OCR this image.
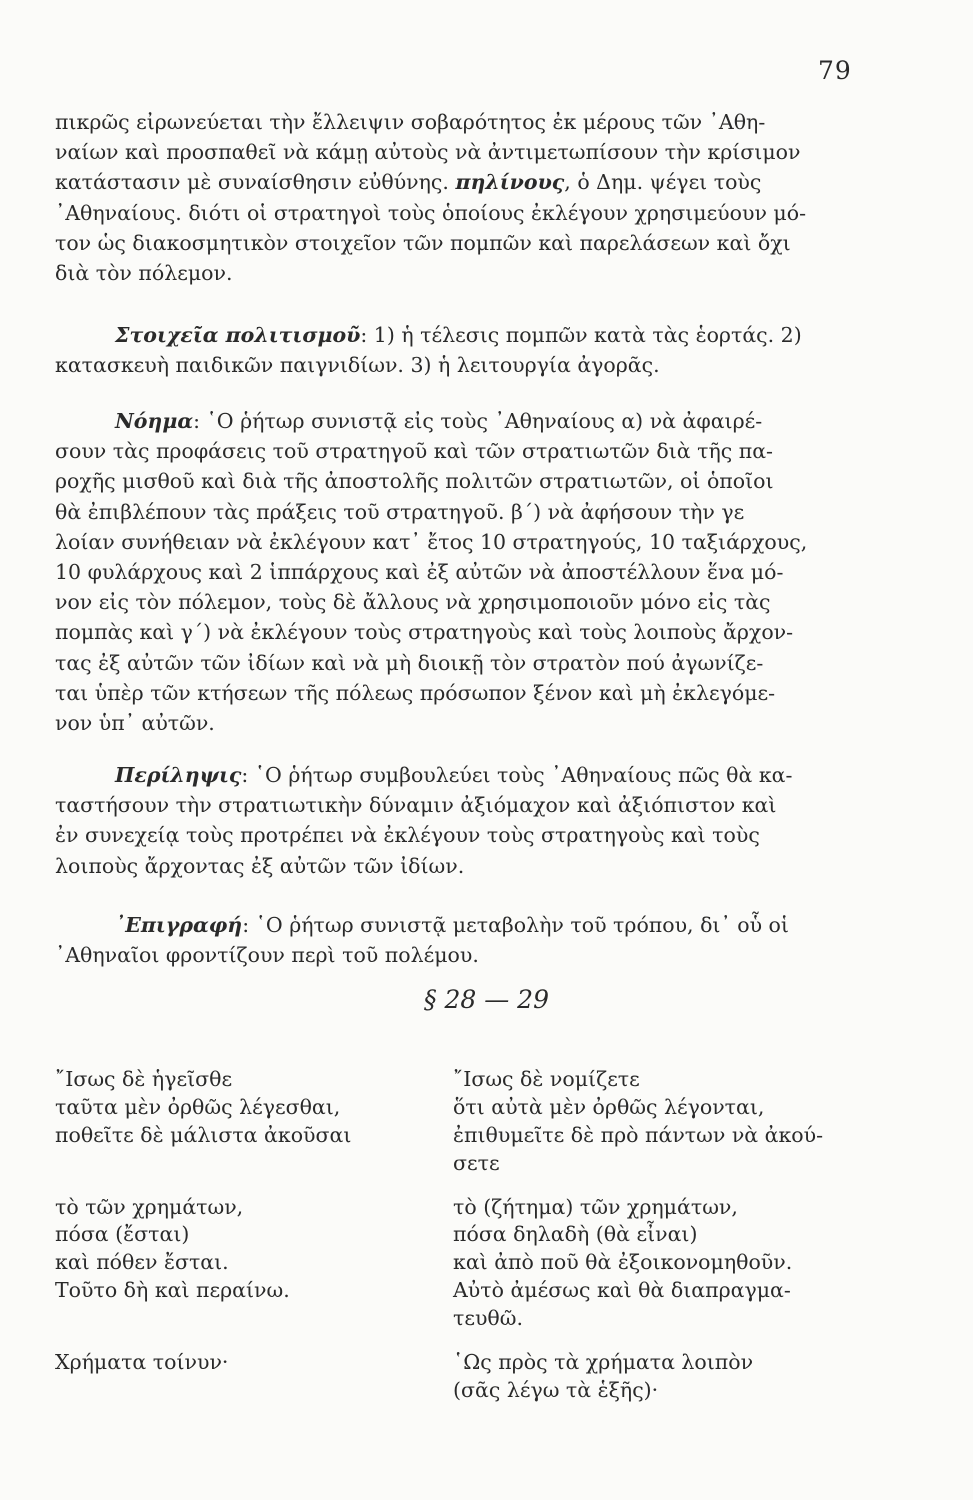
79
πικρῶς εἰρωνεύεται τὴν ἔλλειψιν σοβαρότητος ἐκ μέρους τῶν ᾿Αθη-
ναίων καὶ προσπαθεῖ νὰ κάμῃ αὐτοὺς νὰ ἀντιμετωπίσουν τὴν κρίσιμον
κατάστασιν μὲ συναίσθησιν εὐθύνης. πηλίνους, ὁ Δημ. ψέγει τοὺς
᾿Αθηναίους. διότι οἱ στρατηγοὶ τοὺς ὁποίους ἐκλέγουν χρησιμεύουν μό-
τον ὡς διακοσμητικὸν στοιχεῖον τῶν πομπῶν καὶ παρελάσεων καὶ ὄχι
διὰ τὸν πόλεμον.
Στοιχεῖα πολιτισμοῦ: 1) ἡ τέλεσις πομπῶν κατὰ τὰς ἑορτάς. 2)
κατασκευὴ παιδικῶν παιγνιδίων. 3) ἡ λειτουργία ἀγορᾶς.
Νόημα: ῾Ο ῥήτωρ συνιστᾷ εἰς τοὺς ᾿Αθηναίους α) νὰ ἀφαιρέ-
σουν τὰς προφάσεις τοῦ στρατηγοῦ καὶ τῶν στρατιωτῶν διὰ τῆς πα-
ροχῆς μισθοῦ καὶ διὰ τῆς ἀποστολῆς πολιτῶν στρατιωτῶν, οἱ ὁποῖοι
θὰ ἐπιβλέπουν τὰς πράξεις τοῦ στρατηγοῦ. β΄) νὰ ἀφήσουν τὴν γε
λοίαν συνήθειαν νὰ ἐκλέγουν κατ᾿ ἔτος 10 στρατηγούς, 10 ταξιάρχους,
10 φυλάρχους καὶ 2 ἱππάρχους καὶ ἐξ αὐτῶν νὰ ἀποστέλλουν ἕνα μό-
νον εἰς τὸν πόλεμον, τοὺς δὲ ἄλλους νὰ χρησιμοποιοῦν μόνο εἰς τὰς
πομπὰς καὶ γ΄) νὰ ἐκλέγουν τοὺς στρατηγοὺς καὶ τοὺς λοιποὺς ἄρχον-
τας ἐξ αὐτῶν τῶν ἰδίων καὶ νὰ μὴ διοικῇ τὸν στρατὸν πού ἀγωνίζε-
ται ὑπὲρ τῶν κτήσεων τῆς πόλεως πρόσωπον ξένον καὶ μὴ ἐκλεγόμε-
νον ὑπ᾿ αὐτῶν.
Περίληψις: ῾Ο ῥήτωρ συμβουλεύει τοὺς ᾿Αθηναίους πῶς θὰ κα-
ταστήσουν τὴν στρατιωτικὴν δύναμιν ἀξιόμαχον καὶ ἀξιόπιστον καὶ
ἐν συνεχείᾳ τοὺς προτρέπει νὰ ἐκλέγουν τοὺς στρατηγοὺς καὶ τοὺς
λοιποὺς ἄρχοντας ἐξ αὐτῶν τῶν ἰδίων.
᾿Επιγραφή: ῾Ο ῥήτωρ συνιστᾷ μεταβολὴν τοῦ τρόπου, δι᾿ οὗ οἱ
᾿Αθηναῖοι φροντίζουν περὶ τοῦ πολέμου.
§ 28 — 29
῎Ισως δὲ ἡγεῖσθε
ταῦτα μὲν ὀρθῶς λέγεσθαι,
ποθεῖτε δὲ μάλιστα ἀκοῦσαι
τὸ τῶν χρημάτων,
πόσα (ἔσται)
καὶ πόθεν ἔσται.
Τοῦτο δὴ καὶ περαίνω.
Χρήματα τοίνυν·
῎Ισως δὲ νομίζετε
ὅτι αὐτὰ μὲν ὀρθῶς λέγονται,
ἐπιθυμεῖτε δὲ πρὸ πάντων νὰ ἀκού-
σετε
τὸ (ζήτημα) τῶν χρημάτων,
πόσα δηλαδὴ (θὰ εἶναι)
καὶ ἀπὸ ποῦ θὰ ἐξοικονομηθοῦν.
Αὐτὸ ἀμέσως καὶ θὰ διαπραγμα-
τευθῶ.
῾Ως πρὸς τὰ χρήματα λοιπὸν
(σᾶς λέγω τὰ ἑξῆς)·
